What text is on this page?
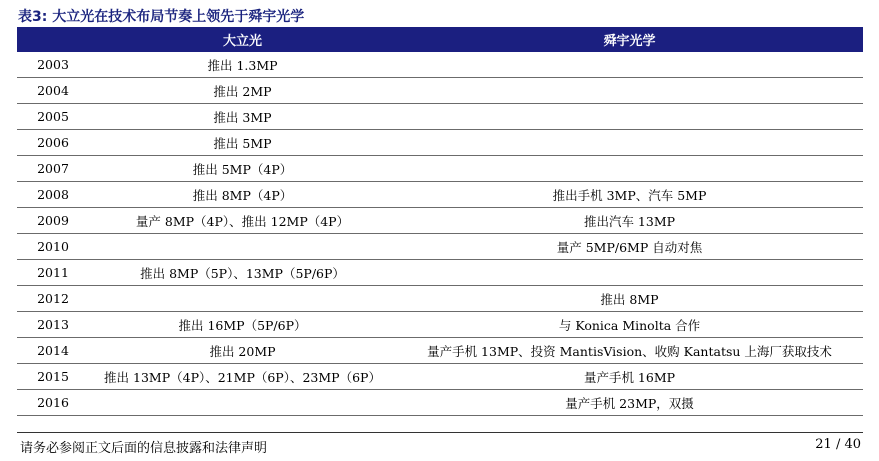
表3: 大立光在技术布局节奏上领先于舜宇光学
	大立光	舜宇光学
2003	推出 1.3MP	
2004	推出 2MP	
2005	推出 3MP	
2006	推出 5MP	
2007	推出 5MP（4P）	
2008	推出 8MP（4P）	推出手机 3MP、汽车 5MP
2009	量产 8MP（4P）、推出 12MP（4P）	推出汽车 13MP
2010		量产 5MP/6MP 自动对焦
2011	推出 8MP（5P）、13MP（5P/6P）	
2012		推出 8MP
2013	推出 16MP（5P/6P）	与 Konica Minolta 合作
2014	推出 20MP	量产手机 13MP、投资 MantisVision、收购 Kantatsu 上海厂获取技术
2015	推出 13MP（4P）、21MP（6P）、23MP（6P）	量产手机 16MP
2016		量产手机 23MP，双摄
请务必参阅正文后面的信息披露和法律声明	21 / 40
